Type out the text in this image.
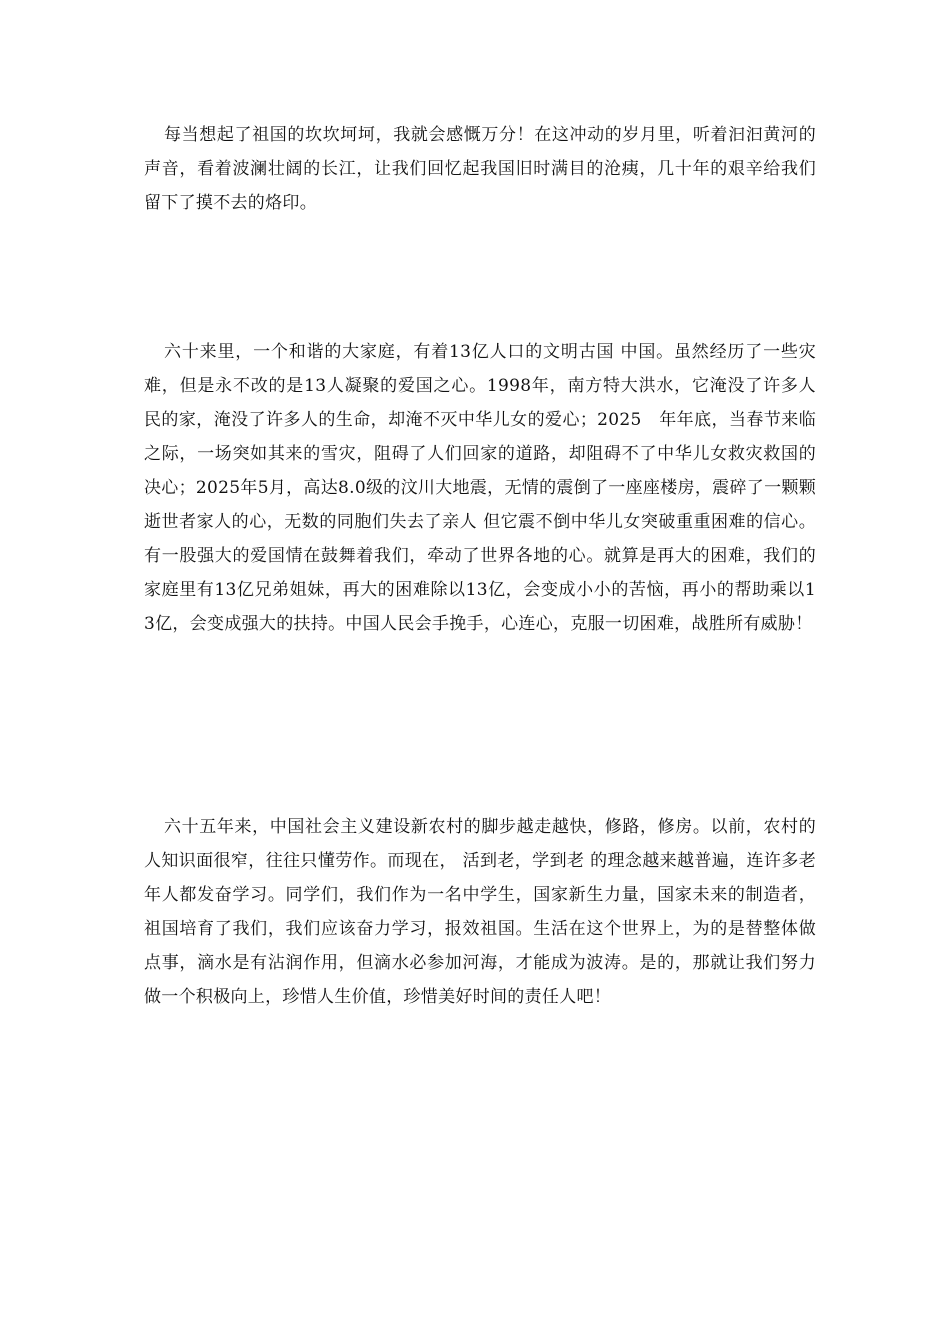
每当想起了祖国的坎坎坷坷，我就会感慨万分！在这冲动的岁月里，听着汩汩黄河的声音，看着波澜壮阔的长江，让我们回忆起我国旧时满目的沧痍，几十年的艰辛给我们留下了摸不去的烙印。

六十来里，一个和谐的大家庭，有着13亿人口的文明古国 中国。虽然经历了一些灾难，但是永不改的是13人凝聚的爱国之心。1998年，南方特大洪水，它淹没了许多人民的家，淹没了许多人的生命，却淹不灭中华儿女的爱心；2025　年年底，当春节来临之际，一场突如其来的雪灾，阻碍了人们回家的道路，却阻碍不了中华儿女救灾救国的决心；2025年5月，高达8.0级的汶川大地震，无情的震倒了一座座楼房，震碎了一颗颗逝世者家人的心，无数的同胞们失去了亲人 但它震不倒中华儿女突破重重困难的信心。有一股强大的爱国情在鼓舞着我们，牵动了世界各地的心。就算是再大的困难，我们的家庭里有13亿兄弟姐妹，再大的困难除以13亿，会变成小小的苦恼，再小的帮助乘以13亿，会变成强大的扶持。中国人民会手挽手，心连心，克服一切困难，战胜所有威胁！

六十五年来，中国社会主义建设新农村的脚步越走越快，修路，修房。以前，农村的人知识面很窄，往往只懂劳作。而现在， 活到老，学到老 的理念越来越普遍，连许多老年人都发奋学习。同学们，我们作为一名中学生，国家新生力量，国家未来的制造者，祖国培育了我们，我们应该奋力学习，报效祖国。生活在这个世界上，为的是替整体做点事，滴水是有沾润作用，但滴水必参加河海，才能成为波涛。是的，那就让我们努力做一个积极向上，珍惜人生价值，珍惜美好时间的责任人吧！
